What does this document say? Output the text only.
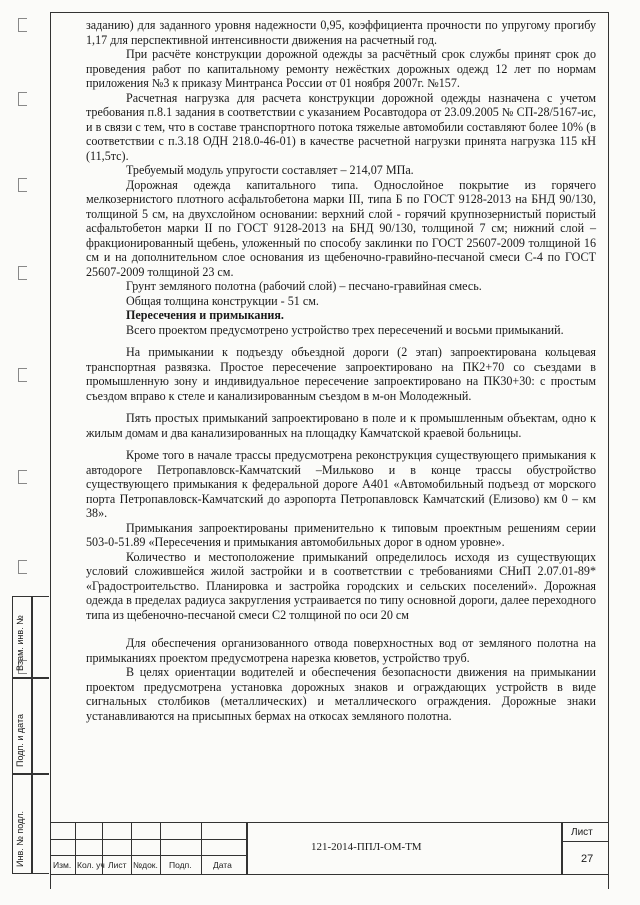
Взам. инв. №
Подп. и дата
Инв. № подл.

заданию) для заданного уровня надежности 0,95, коэффициента прочности по упругому прогибу 1,17 для перспективной интенсивности движения на расчетный год.

При расчёте конструкции дорожной одежды за расчётный срок службы принят срок до проведения работ по капитальному ремонту нежёстких дорожных одежд 12 лет по нормам приложения №3 к приказу Минтранса России от 01 ноября 2007г. №157.

Расчетная нагрузка для расчета конструкции дорожной одежды назначена с учетом требования п.8.1 задания в соответствии с указанием Росавтодора от 23.09.2005 № СП-28/5167-ис, и в связи с тем, что в составе транспортного потока тяжелые автомобили составляют более 10% (в соответствии с п.3.18 ОДН 218.0-46-01) в качестве расчетной нагрузки принята нагрузка 115 кН (11,5тс).

Требуемый модуль упругости составляет – 214,07 МПа.

Дорожная одежда капитального типа. Однослойное покрытие из горячего мелкозернистого плотного асфальтобетона марки III, типа Б по ГОСТ 9128-2013 на БНД 90/130, толщиной 5 см, на двухслойном основании: верхний слой - горячий крупнозернистый пористый асфальтобетон марки II по ГОСТ 9128-2013 на БНД 90/130, толщиной 7 см; нижний слой – фракционированный щебень, уложенный по способу заклинки по ГОСТ 25607-2009 толщиной 16 см и на дополнительном слое основания из щебеночно-гравийно-песчаной смеси С-4 по ГОСТ 25607-2009 толщиной 23 см.

Грунт земляного полотна (рабочий слой) – песчано-гравийная смесь.

Общая толщина конструкции - 51 см.

Пересечения и примыкания.

Всего проектом предусмотрено устройство трех пересечений и восьми примыканий.

На примыкании к подъезду объездной дороги (2 этап) запроектирована кольцевая транспортная развязка. Простое пересечение запроектировано на ПК2+70 со съездами в промышленную зону и индивидуальное пересечение запроектировано на ПК30+30: с простым съездом вправо к стеле и канализированным съездом в м-он Молодежный.

Пять простых примыканий запроектировано в поле и к промышленным объектам, одно к жилым домам и два канализированных на площадку Камчатской краевой больницы.

Кроме того в начале трассы предусмотрена реконструкция существующего примыкания к автодороге Петропавловск-Камчатский –Мильково и в конце трассы обустройство существующего примыкания к федеральной дороге А401 «Автомобильный подъезд от морского порта Петропавловск-Камчатский до аэропорта Петропавловск Камчатский (Елизово) км 0 – км 38».

Примыкания запроектированы применительно к типовым проектным решениям серии 503-0-51.89 «Пересечения и примыкания автомобильных дорог в одном уровне».

Количество и местоположение примыканий определилось исходя из существующих условий сложившейся жилой застройки и в соответствии с требованиями СНиП 2.07.01-89* «Градостроительство. Планировка и застройка городских и сельских поселений». Дорожная одежда в пределах радиуса закругления устраивается по типу основной дороги, далее переходного типа из щебеночно-песчаной смеси С2 толщиной по оси 20 см

Для обеспечения организованного отвода поверхностных вод от земляного полотна на примыканиях проектом предусмотрена нарезка кюветов, устройство труб.

В целях ориентации водителей и обеспечения безопасности движения на примыкании проектом предусмотрена установка дорожных знаков и ограждающих устройств в виде сигнальных столбиков (металлических) и металлического ограждения. Дорожные знаки устанавливаются на присыпных бермах на откосах земляного полотна.

Изм. Кол. уч Лист №док. Подп.	Дата
121-2014-ППЛ-ОМ-ТМ
Лист
27
